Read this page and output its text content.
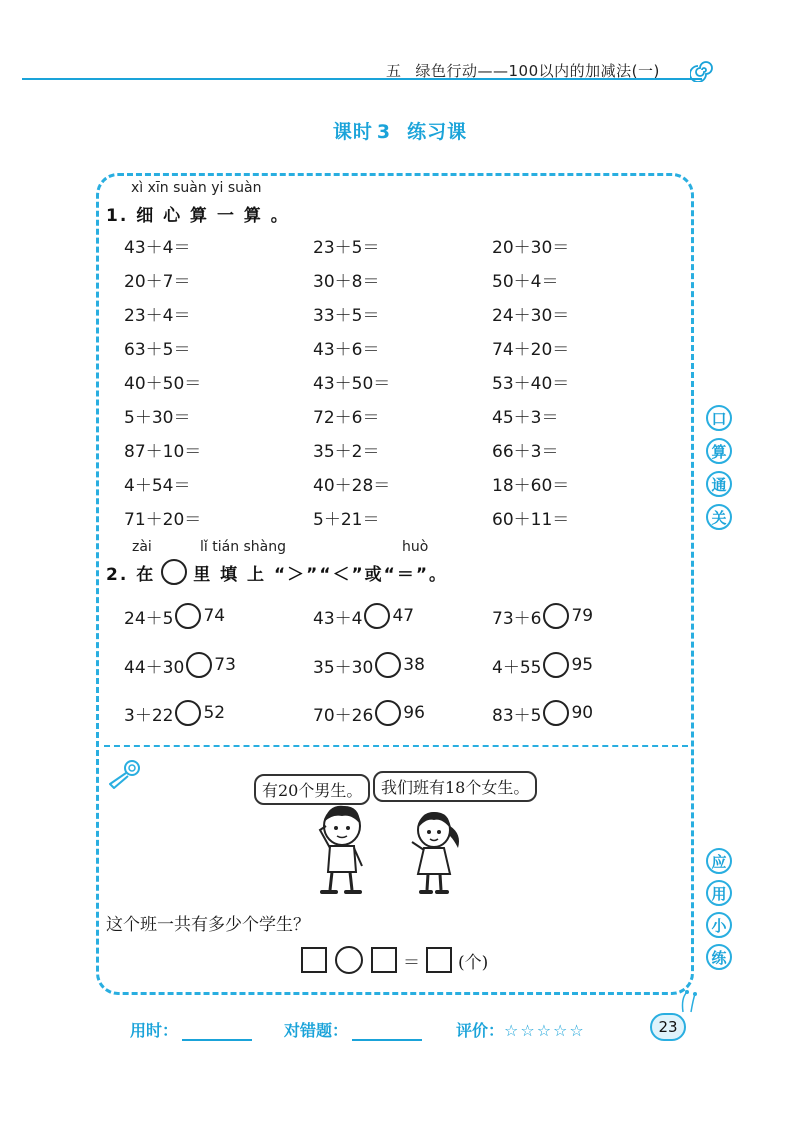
五 绿色行动——100以内的加减法(一)
课时 3 练习课
xì xīn suàn yi suàn
1. 细 心 算 一 算 。
43＋4＝	23＋5＝	20＋30＝
20＋7＝	30＋8＝	50＋4＝
23＋4＝	33＋5＝	24＋30＝
63＋5＝	43＋6＝	74＋20＝
40＋50＝	43＋50＝	53＋40＝
5＋30＝	72＋6＝	45＋3＝
87＋10＝	35＋2＝	66＋3＝
4＋54＝	40＋28＝	18＋60＝
71＋20＝	5＋21＝	60＋11＝
zài	lǐ tián shàng	huò
2. 在 里 填 上 “＞”“＜”或“＝”。
24＋5 74	43＋4 47	73＋6 79
44＋30 73	35＋30 38	4＋55 95
3＋22 52	70＋26 96	83＋5 90
有20个男生。	我们班有18个女生。
这个班一共有多少个学生？
＝ (个)
口
算
通
关
应
用
小
练
用时：	对错题：	评价：☆☆☆☆☆	23
